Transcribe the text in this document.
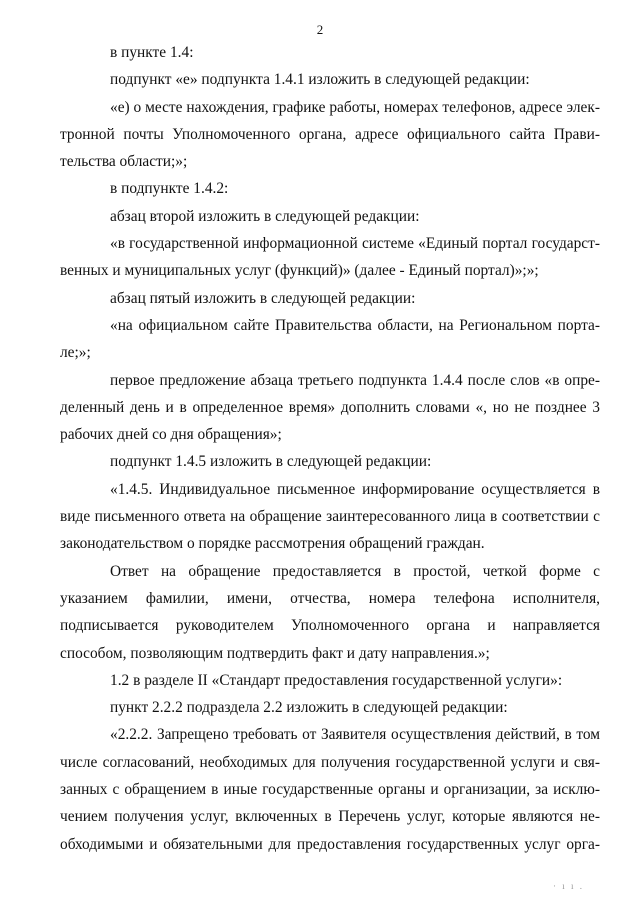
2

в пункте 1.4:

подпункт «е» подпункта 1.4.1 изложить в следующей редакции:

«е) о месте нахождения, графике работы, номерах телефонов, адресе электронной почты Уполномоченного органа, адресе официального сайта Правительства области;»;

в подпункте 1.4.2:

абзац второй изложить в следующей редакции:

«в государственной информационной системе «Единый портал государственных и муниципальных услуг (функций)» (далее - Единый портал)»;»;

абзац пятый изложить в следующей редакции:

«на официальном сайте Правительства области, на Региональном портале;»;

первое предложение абзаца третьего подпункта 1.4.4 после слов «в определенный день и в определенное время» дополнить словами «, но не позднее 3 рабочих дней со дня обращения»;

подпункт 1.4.5 изложить в следующей редакции:

«1.4.5. Индивидуальное письменное информирование осуществляется в виде письменного ответа на обращение заинтересованного лица в соответствии с законодательством о порядке рассмотрения обращений граждан.

Ответ на обращение предоставляется в простой, четкой форме с указанием фамилии, имени, отчества, номера телефона исполнителя, подписывается руководителем Уполномоченного органа и направляется способом, позволяющим подтвердить факт и дату направления.»;

1.2 в разделе II «Стандарт предоставления государственной услуги»:

пункт 2.2.2 подраздела 2.2 изложить в следующей редакции:

«2.2.2. Запрещено требовать от Заявителя осуществления действий, в том числе согласований, необходимых для получения государственной услуги и связанных с обращением в иные государственные органы и организации, за исключением получения услуг, включенных в Перечень услуг, которые являются необходимыми и обязательными для предоставления государственных услуг орга-

· ı ı .
